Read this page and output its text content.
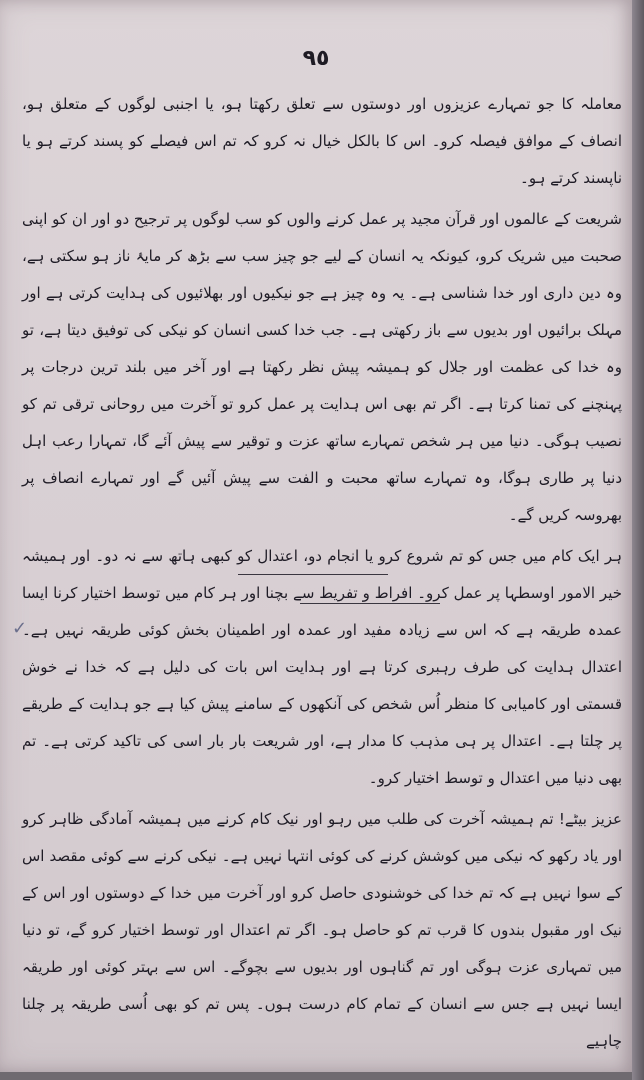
٩٥

معاملہ کا جو تمہارے عزیزوں اور دوستوں سے تعلق رکھتا ہو، یا اجنبی لوگوں کے متعلق ہو، انصاف کے موافق فیصلہ کرو۔ اس کا بالکل خیال نہ کرو کہ تم اس فیصلے کو پسند کرتے ہو یا ناپسند کرتے ہو۔

شریعت کے عالموں اور قرآن مجید پر عمل کرنے والوں کو سب لوگوں پر ترجیح دو اور ان کو اپنی صحبت میں شریک کرو، کیونکہ یہ انسان کے لیے جو چیز سب سے بڑھ کر مایۂ ناز ہو سکتی ہے، وہ دین داری اور خدا شناسی ہے۔ یہ وہ چیز ہے جو نیکیوں اور بھلائیوں کی ہدایت کرتی ہے اور مہلک برائیوں اور بدیوں سے باز رکھتی ہے۔ جب خدا کسی انسان کو نیکی کی توفیق دیتا ہے، تو وہ خدا کی عظمت اور جلال کو ہمیشہ پیش نظر رکھتا ہے اور آخر میں بلند ترین درجات پر پہنچنے کی تمنا کرتا ہے۔ اگر تم بھی اس ہدایت پر عمل کرو تو آخرت میں روحانی ترقی تم کو نصیب ہوگی۔ دنیا میں ہر شخص تمہارے ساتھ عزت و توقیر سے پیش آئے گا، تمہارا رعب اہل دنیا پر طاری ہوگا، وہ تمہارے ساتھ محبت و الفت سے پیش آئیں گے اور تمہارے انصاف پر بھروسہ کریں گے۔

ہر ایک کام میں جس کو تم شروع کرو یا انجام دو، اعتدال کو کبھی ہاتھ سے نہ دو۔ اور ہمیشہ خیر الامور اوسطہا پر عمل کرو۔ افراط و تفریط سے بچنا اور ہر کام میں توسط اختیار کرنا ایسا عمدہ طریقہ ہے کہ اس سے زیادہ مفید اور عمدہ اور اطمینان بخش کوئی طریقہ نہیں ہے۔ اعتدال ہدایت کی طرف رہبری کرتا ہے اور ہدایت اس بات کی دلیل ہے کہ خدا نے خوش قسمتی اور کامیابی کا منظر اُس شخص کی آنکھوں کے سامنے پیش کیا ہے جو ہدایت کے طریقے پر چلتا ہے۔ اعتدال پر ہی مذہب کا مدار ہے، اور شریعت بار بار اسی کی تاکید کرتی ہے۔ تم بھی دنیا میں اعتدال و توسط اختیار کرو۔

عزیز بیٹے! تم ہمیشہ آخرت کی طلب میں رہو اور نیک کام کرنے میں ہمیشہ آمادگی ظاہر کرو اور یاد رکھو کہ نیکی میں کوشش کرنے کی کوئی انتہا نہیں ہے۔ نیکی کرنے سے کوئی مقصد اس کے سوا نہیں ہے کہ تم خدا کی خوشنودی حاصل کرو اور آخرت میں خدا کے دوستوں اور اس کے نیک اور مقبول بندوں کا قرب تم کو حاصل ہو۔ اگر تم اعتدال اور توسط اختیار کرو گے، تو دنیا میں تمہاری عزت ہوگی اور تم گناہوں اور بدیوں سے بچوگے۔ اس سے بہتر کوئی اور طریقہ ایسا نہیں ہے جس سے انسان کے تمام کام درست ہوں۔ پس تم کو بھی اُسی طریقہ پر چلنا چاہیے

✓
